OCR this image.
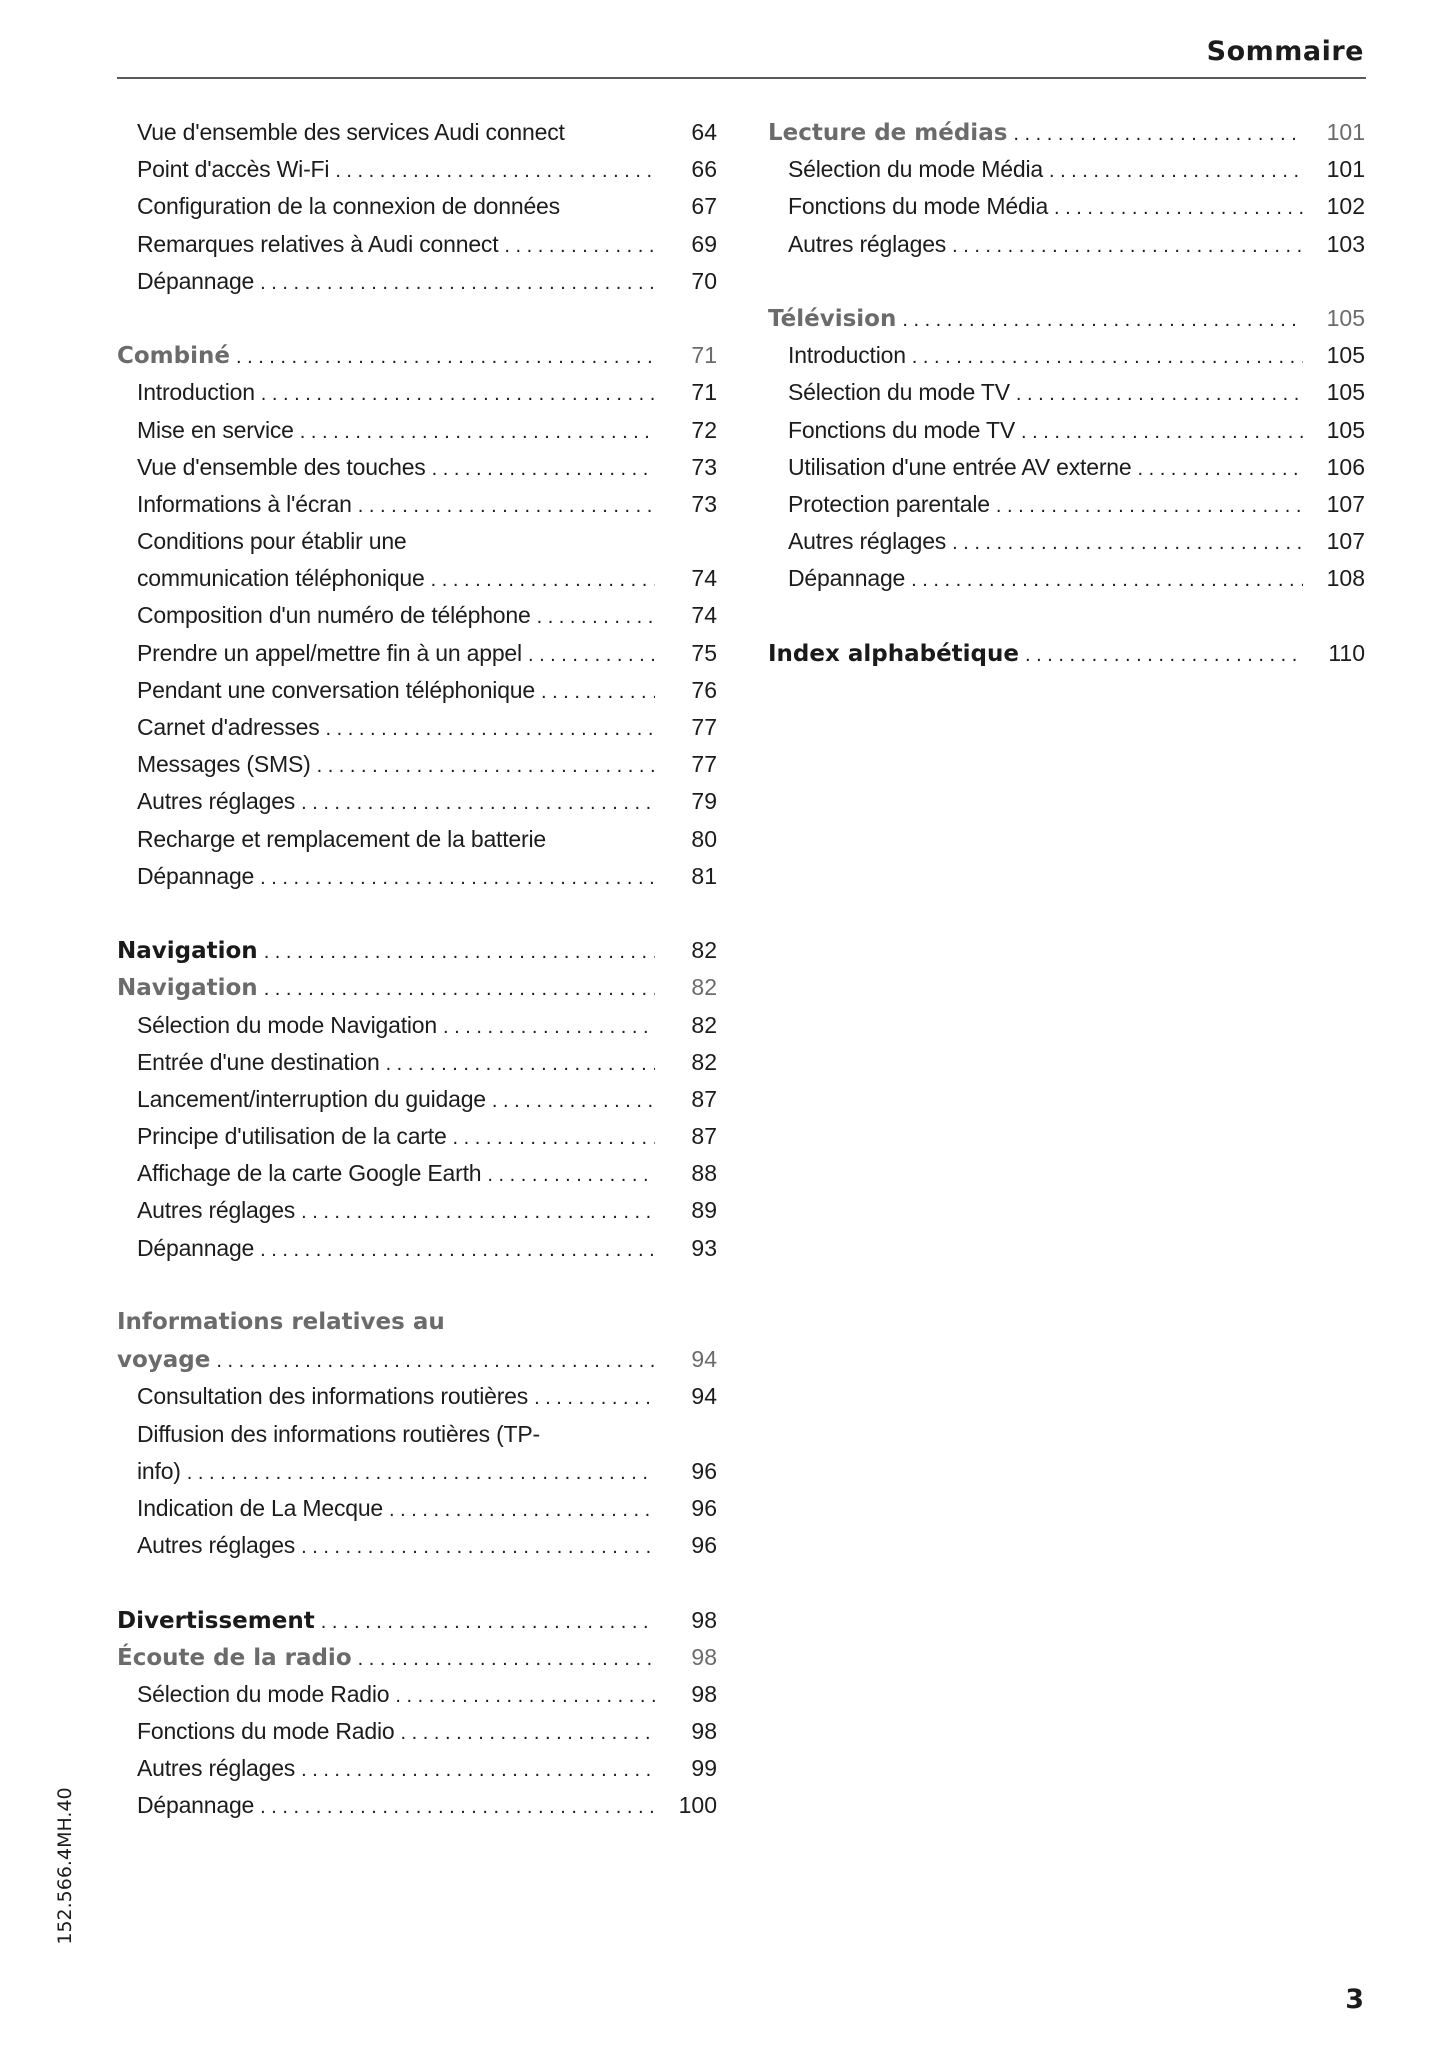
Sommaire
Vue d'ensemble des services Audi connect	64
Point d'accès Wi-Fi . . .	66
Configuration de la connexion de données	67
Remarques relatives à Audi connect . . .	69
Dépannage . . .	70
Combiné . . .	71
Introduction . . .	71
Mise en service . . .	72
Vue d'ensemble des touches . . .	73
Informations à l'écran . . .	73
Conditions pour établir une
communication téléphonique . . .	74
Composition d'un numéro de téléphone . . .	74
Prendre un appel/mettre fin à un appel . . .	75
Pendant une conversation téléphonique . . .	76
Carnet d'adresses . . .	77
Messages (SMS) . . .	77
Autres réglages . . .	79
Recharge et remplacement de la batterie	80
Dépannage . . .	81
Navigation . . .	82
Navigation . . .	82
Sélection du mode Navigation . . .	82
Entrée d'une destination . . .	82
Lancement/interruption du guidage . . .	87
Principe d'utilisation de la carte . . .	87
Affichage de la carte Google Earth . . .	88
Autres réglages . . .	89
Dépannage . . .	93
Informations relatives au
voyage . . .	94
Consultation des informations routières . . .	94
Diffusion des informations routières (TP-
info) . . .	96
Indication de La Mecque . . .	96
Autres réglages . . .	96
Divertissement . . .	98
Écoute de la radio . . .	98
Sélection du mode Radio . . .	98
Fonctions du mode Radio . . .	98
Autres réglages . . .	99
Dépannage . . .	100
Lecture de médias . . .	101
Sélection du mode Média . . .	101
Fonctions du mode Média . . .	102
Autres réglages . . .	103
Télévision . . .	105
Introduction . . .	105
Sélection du mode TV . . .	105
Fonctions du mode TV . . .	105
Utilisation d'une entrée AV externe . . .	106
Protection parentale . . .	107
Autres réglages . . .	107
Dépannage . . .	108
Index alphabétique . . .	110
152.566.4MH.40
3
